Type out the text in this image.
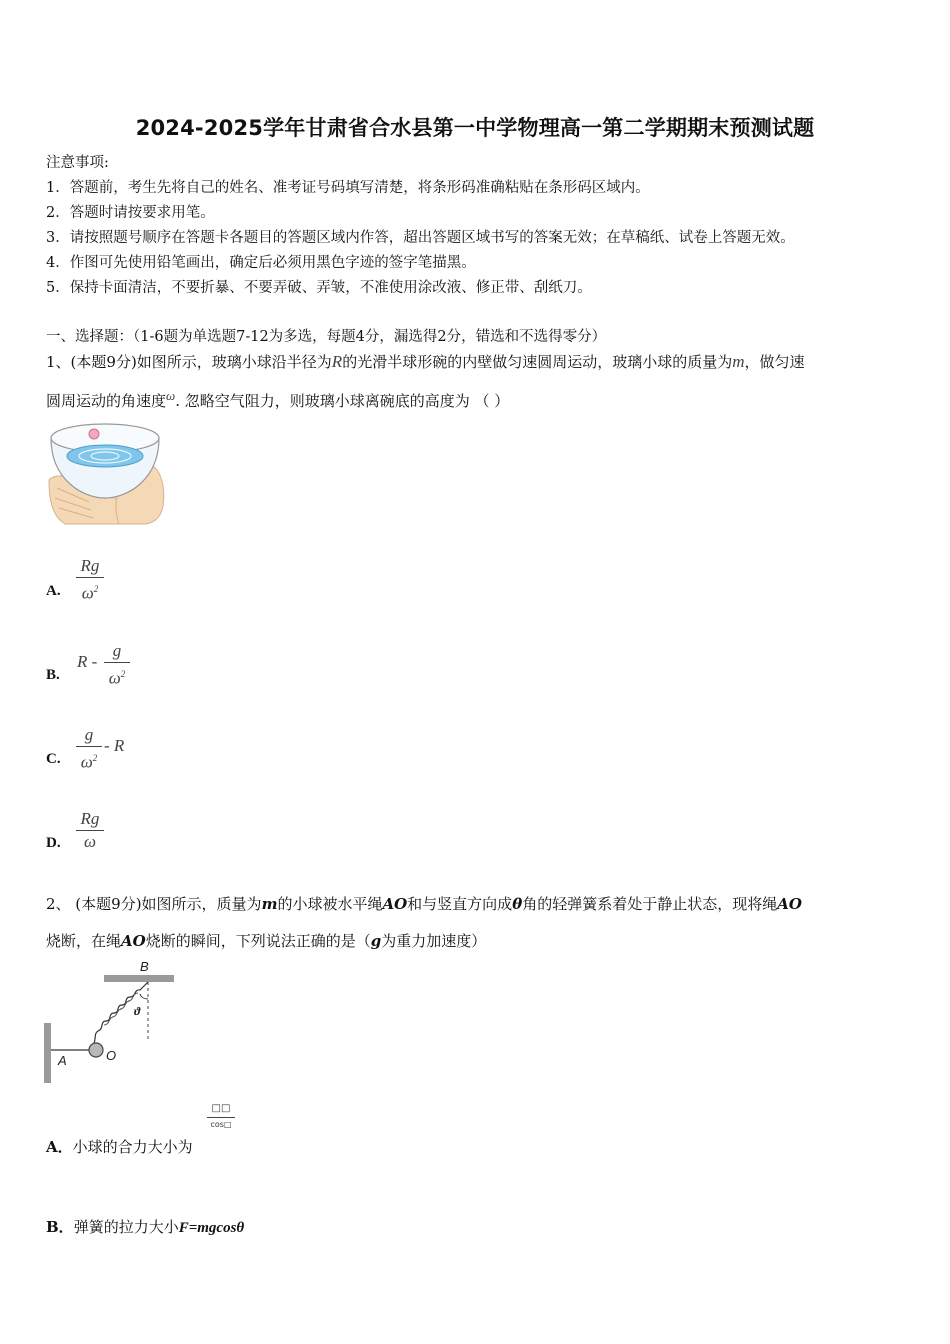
2024-2025学年甘肃省合水县第一中学物理高一第二学期期末预测试题
注意事项:
1．答题前，考生先将自己的姓名、准考证号码填写清楚，将条形码准确粘贴在条形码区域内。
2．答题时请按要求用笔。
3．请按照题号顺序在答题卡各题目的答题区域内作答，超出答题区域书写的答案无效；在草稿纸、试卷上答题无效。
4．作图可先使用铅笔画出，确定后必须用黑色字迹的签字笔描黑。
5．保持卡面清洁，不要折暴、不要弄破、弄皱，不准使用涂改液、修正带、刮纸刀。
一、选择题：（1-6题为单选题7-12为多选，每题4分，漏选得2分，错选和不选得零分）
1、(本题9分)如图所示，玻璃小球沿半径为R的光滑半球形碗的内壁做匀速圆周运动，玻璃小球的质量为m，做匀速
圆周运动的角速度ω. 忽略空气阻力，则玻璃小球离碗底的高度为 （ ）
A.
Rg
$\omega^2$
B.
R -
g
$\omega^2$
C.
g
$\omega^2$
- R
D.
Rg
ω
2、 (本题9分)如图所示，质量为m的小球被水平绳AO和与竖直方向成θ角的轻弹簧系着处于静止状态，现将绳AO
烧断，在绳AO烧断的瞬间，下列说法正确的是（g为重力加速度）
B
A
ϑ
O
A．小球的合力大小为
□□
cos□
B．弹簧的拉力大小F=mgcosθ
